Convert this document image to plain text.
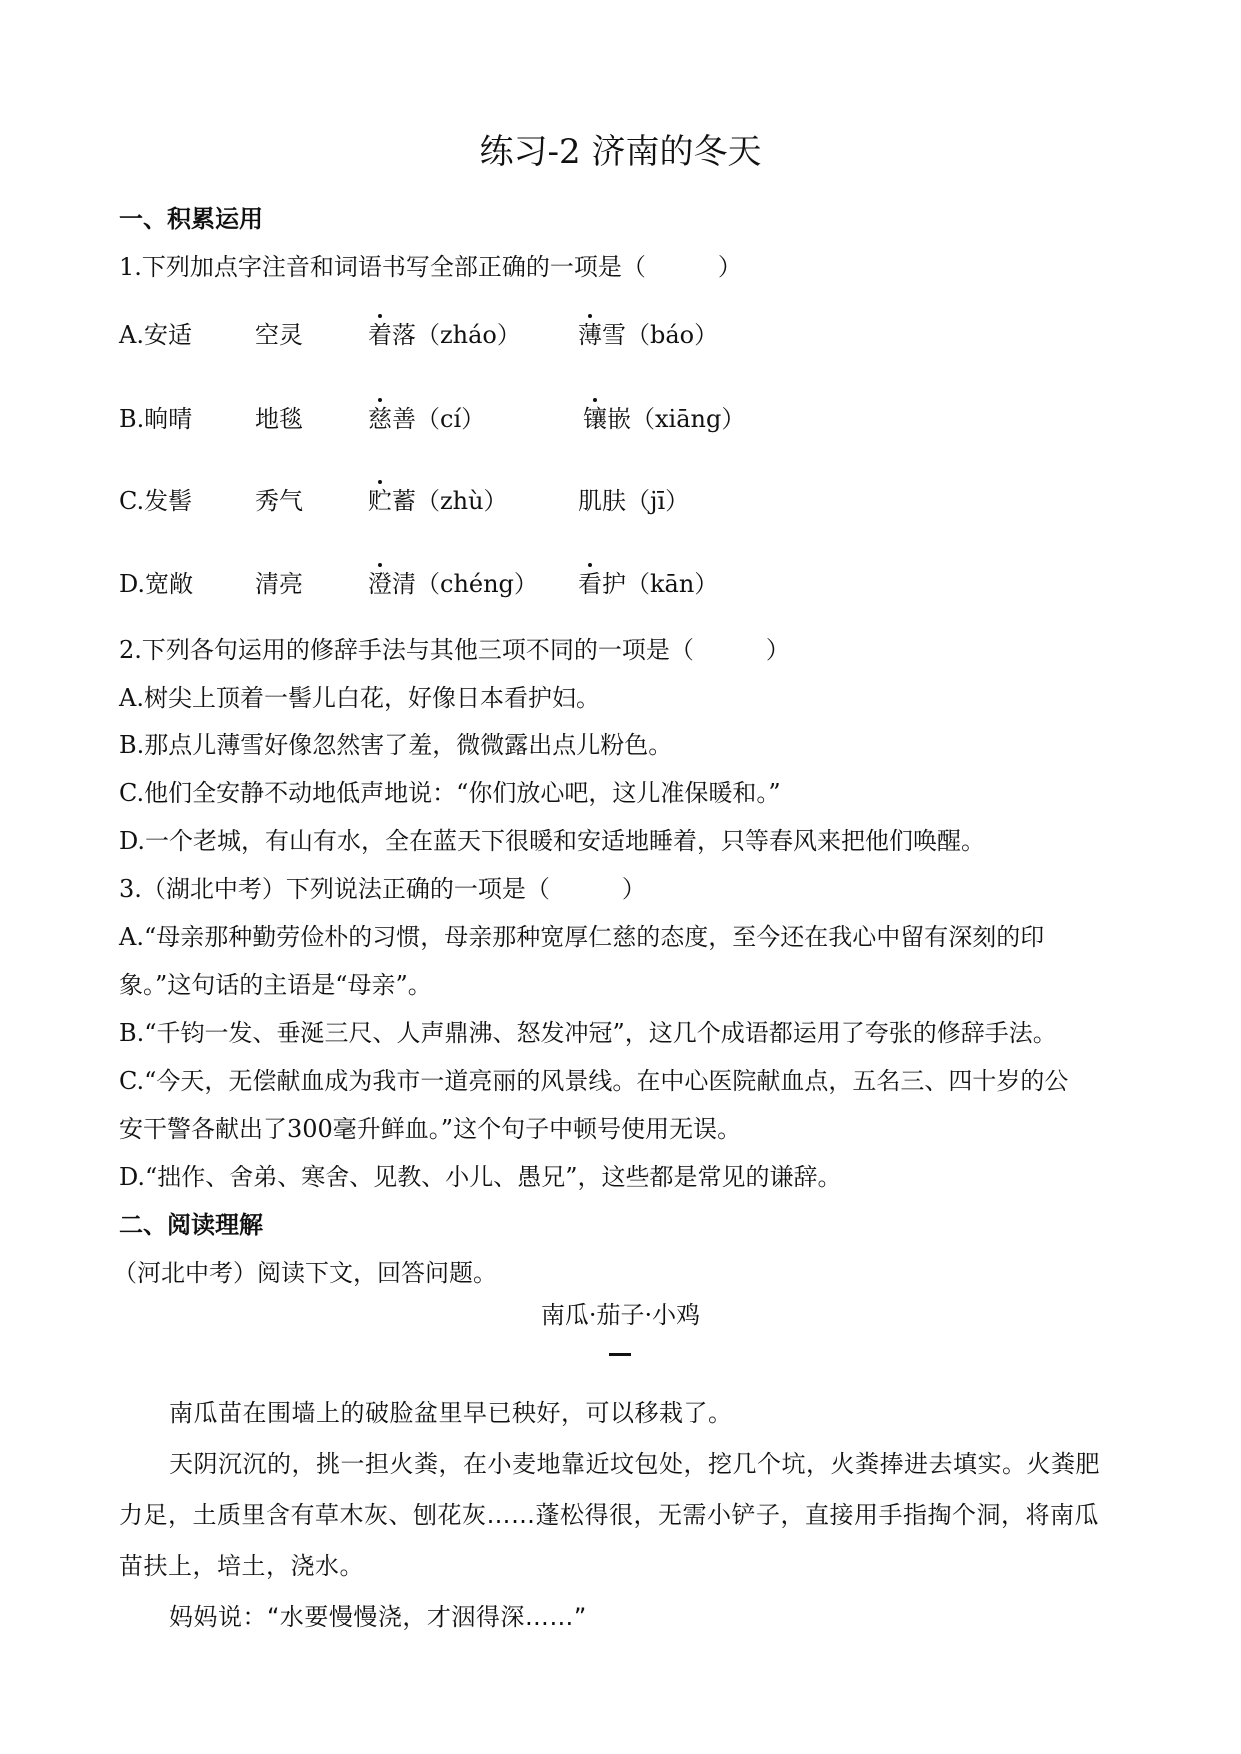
练习-2 济南的冬天
一、积累运用
1.下列加点字注音和词语书写全部正确的一项是（　　　）
A.安适	空灵	着落（zháo） 薄雪（báo）
B.晌晴	地毯	慈善（cí）	镶嵌（xiāng）
C.发髻	秀气	贮蓄（zhù）	肌肤（jī）
D.宽敞	清亮	澄清（chéng） 看护（kān）
2.下列各句运用的修辞手法与其他三项不同的一项是（　　　）
A.树尖上顶着一髻儿白花，好像日本看护妇。
B.那点儿薄雪好像忽然害了羞，微微露出点儿粉色。
C.他们全安静不动地低声地说：“你们放心吧，这儿准保暖和。”
D.一个老城，有山有水，全在蓝天下很暖和安适地睡着，只等春风来把他们唤醒。
3.（湖北中考）下列说法正确的一项是（　　　）
A.“母亲那种勤劳俭朴的习惯，母亲那种宽厚仁慈的态度，至今还在我心中留有深刻的印
象。”这句话的主语是“母亲”。
B.“千钧一发、垂涎三尺、人声鼎沸、怒发冲冠”，这几个成语都运用了夸张的修辞手法。
C.“今天，无偿献血成为我市一道亮丽的风景线。在中心医院献血点，五名三、四十岁的公
安干警各献出了300毫升鲜血。”这个句子中顿号使用无误。
D.“拙作、舍弟、寒舍、见教、小儿、愚兄”，这些都是常见的谦辞。
二、阅读理解
（河北中考）阅读下文，回答问题。
南瓜·茄子·小鸡
南瓜苗在围墙上的破脸盆里早已秧好，可以移栽了。
天阴沉沉的，挑一担火粪，在小麦地靠近坟包处，挖几个坑，火粪捧进去填实。火粪肥
力足，土质里含有草木灰、刨花灰……蓬松得很，无需小铲子，直接用手指掏个洞，将南瓜
苗扶上，培土，浇水。
妈妈说：“水要慢慢浇，才洇得深……”
